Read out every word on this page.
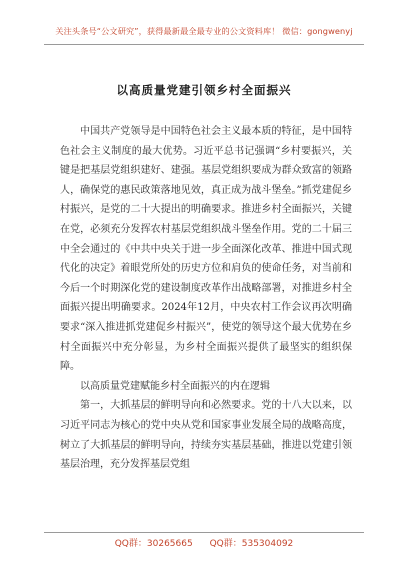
关注头条号“公文研究”，获得最新最全最专业的公文资料库！ 微信：gongwenyj
以高质量党建引领乡村全面振兴

中国共产党领导是中国特色社会主义最本质的特征，是中国特色社会主义制度的最大优势。习近平总书记强调“乡村要振兴，关键是把基层党组织建好、建强。基层党组织要成为群众致富的领路人，确保党的惠民政策落地见效，真正成为战斗堡垒。”抓党建促乡村振兴，是党的二十大提出的明确要求。推进乡村全面振兴，关键在党，必须充分发挥农村基层党组织战斗堡垒作用。党的二十届三中全会通过的《中共中央关于进一步全面深化改革、推进中国式现代化的决定》着眼党所处的历史方位和肩负的使命任务，对当前和今后一个时期深化党的建设制度改革作出战略部署，对推进乡村全面振兴提出明确要求。2024年12月，中央农村工作会议再次明确要求“深入推进抓党建促乡村振兴”，使党的领导这个最大优势在乡村全面振兴中充分彰显，为乡村全面振兴提供了最坚实的组织保障。

以高质量党建赋能乡村全面振兴的内在逻辑

第一，大抓基层的鲜明导向和必然要求。党的十八大以来，以习近平同志为核心的党中央从党和国家事业发展全局的战略高度，树立了大抓基层的鲜明导向，持续夯实基层基础，推进以党建引领基层治理，充分发挥基层党组

QQ群：30265665 QQ群：535304092
